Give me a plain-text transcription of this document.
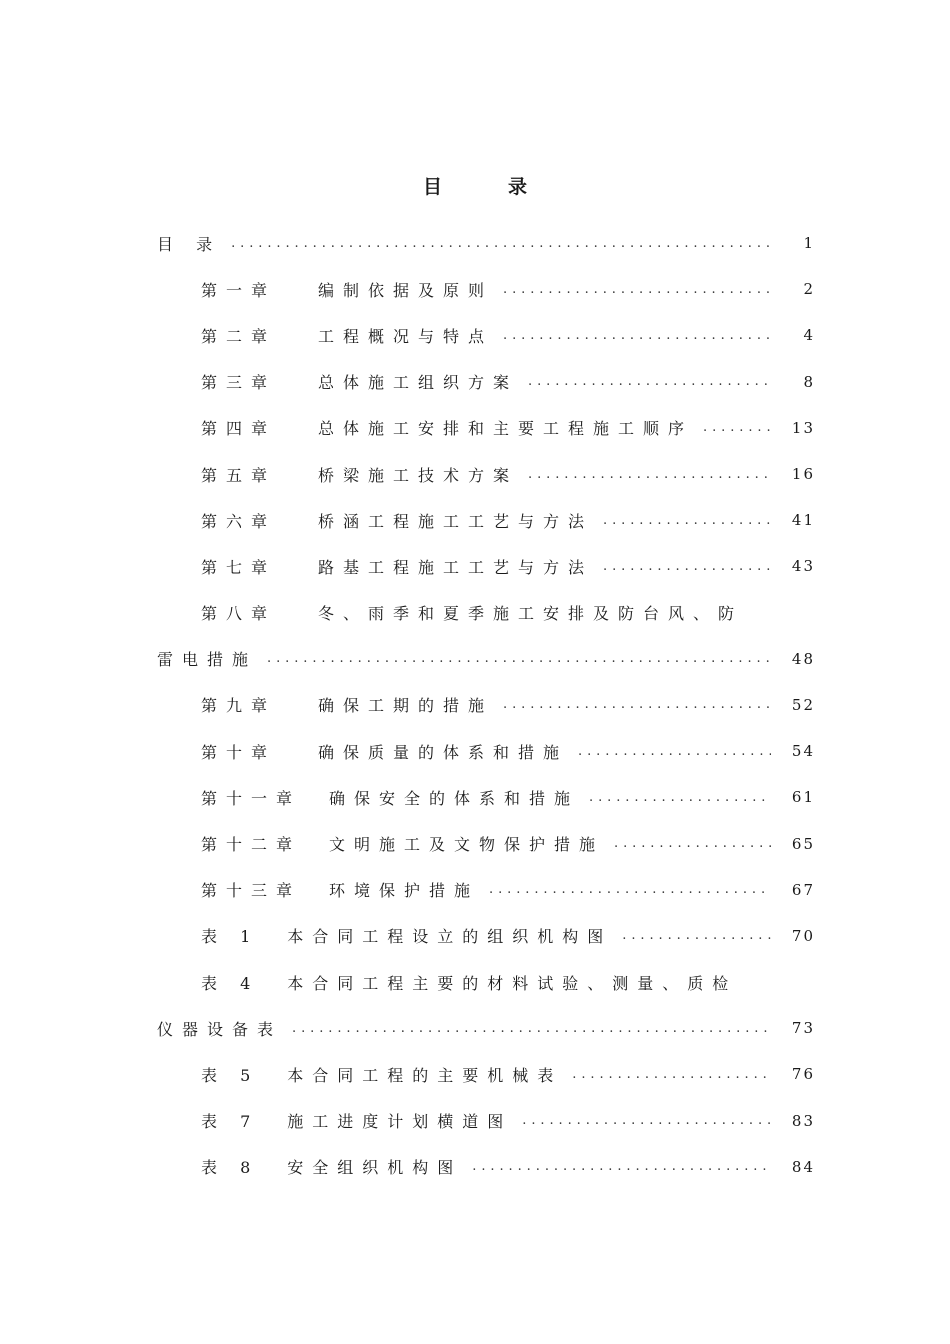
目	录
目 录 . . .	1
第一章	编制依据及原则 . . .	2
第二章	工程概况与特点 . . .	4
第三章	总体施工组织方案 . . .	8
第四章	总体施工安排和主要工程施工顺序 . . .	13
第五章	桥梁施工技术方案 . . .	16
第六章	桥涵工程施工工艺与方法 . . .	41
第七章	路基工程施工工艺与方法 . . .	43
第八章	冬、雨季和夏季施工安排及防台风、防
雷电措施 . . .	48
第九章	确保工期的措施 . . .	52
第十章	确保质量的体系和措施 . . .	54
第十一章 确保安全的体系和措施 . . .	61
第十二章 文明施工及文物保护措施 . . .	65
第十三章 环境保护措施 . . .	67
表 1 本合同工程设立的组织机构图 . . .	70
表 4 本合同工程主要的材料试验、测量、质检
仪器设备表 . . .	73
表 5 本合同工程的主要机械表 . . .	76
表 7 施工进度计划横道图 . . .	83
表 8 安全组织机构图 . . .	84
